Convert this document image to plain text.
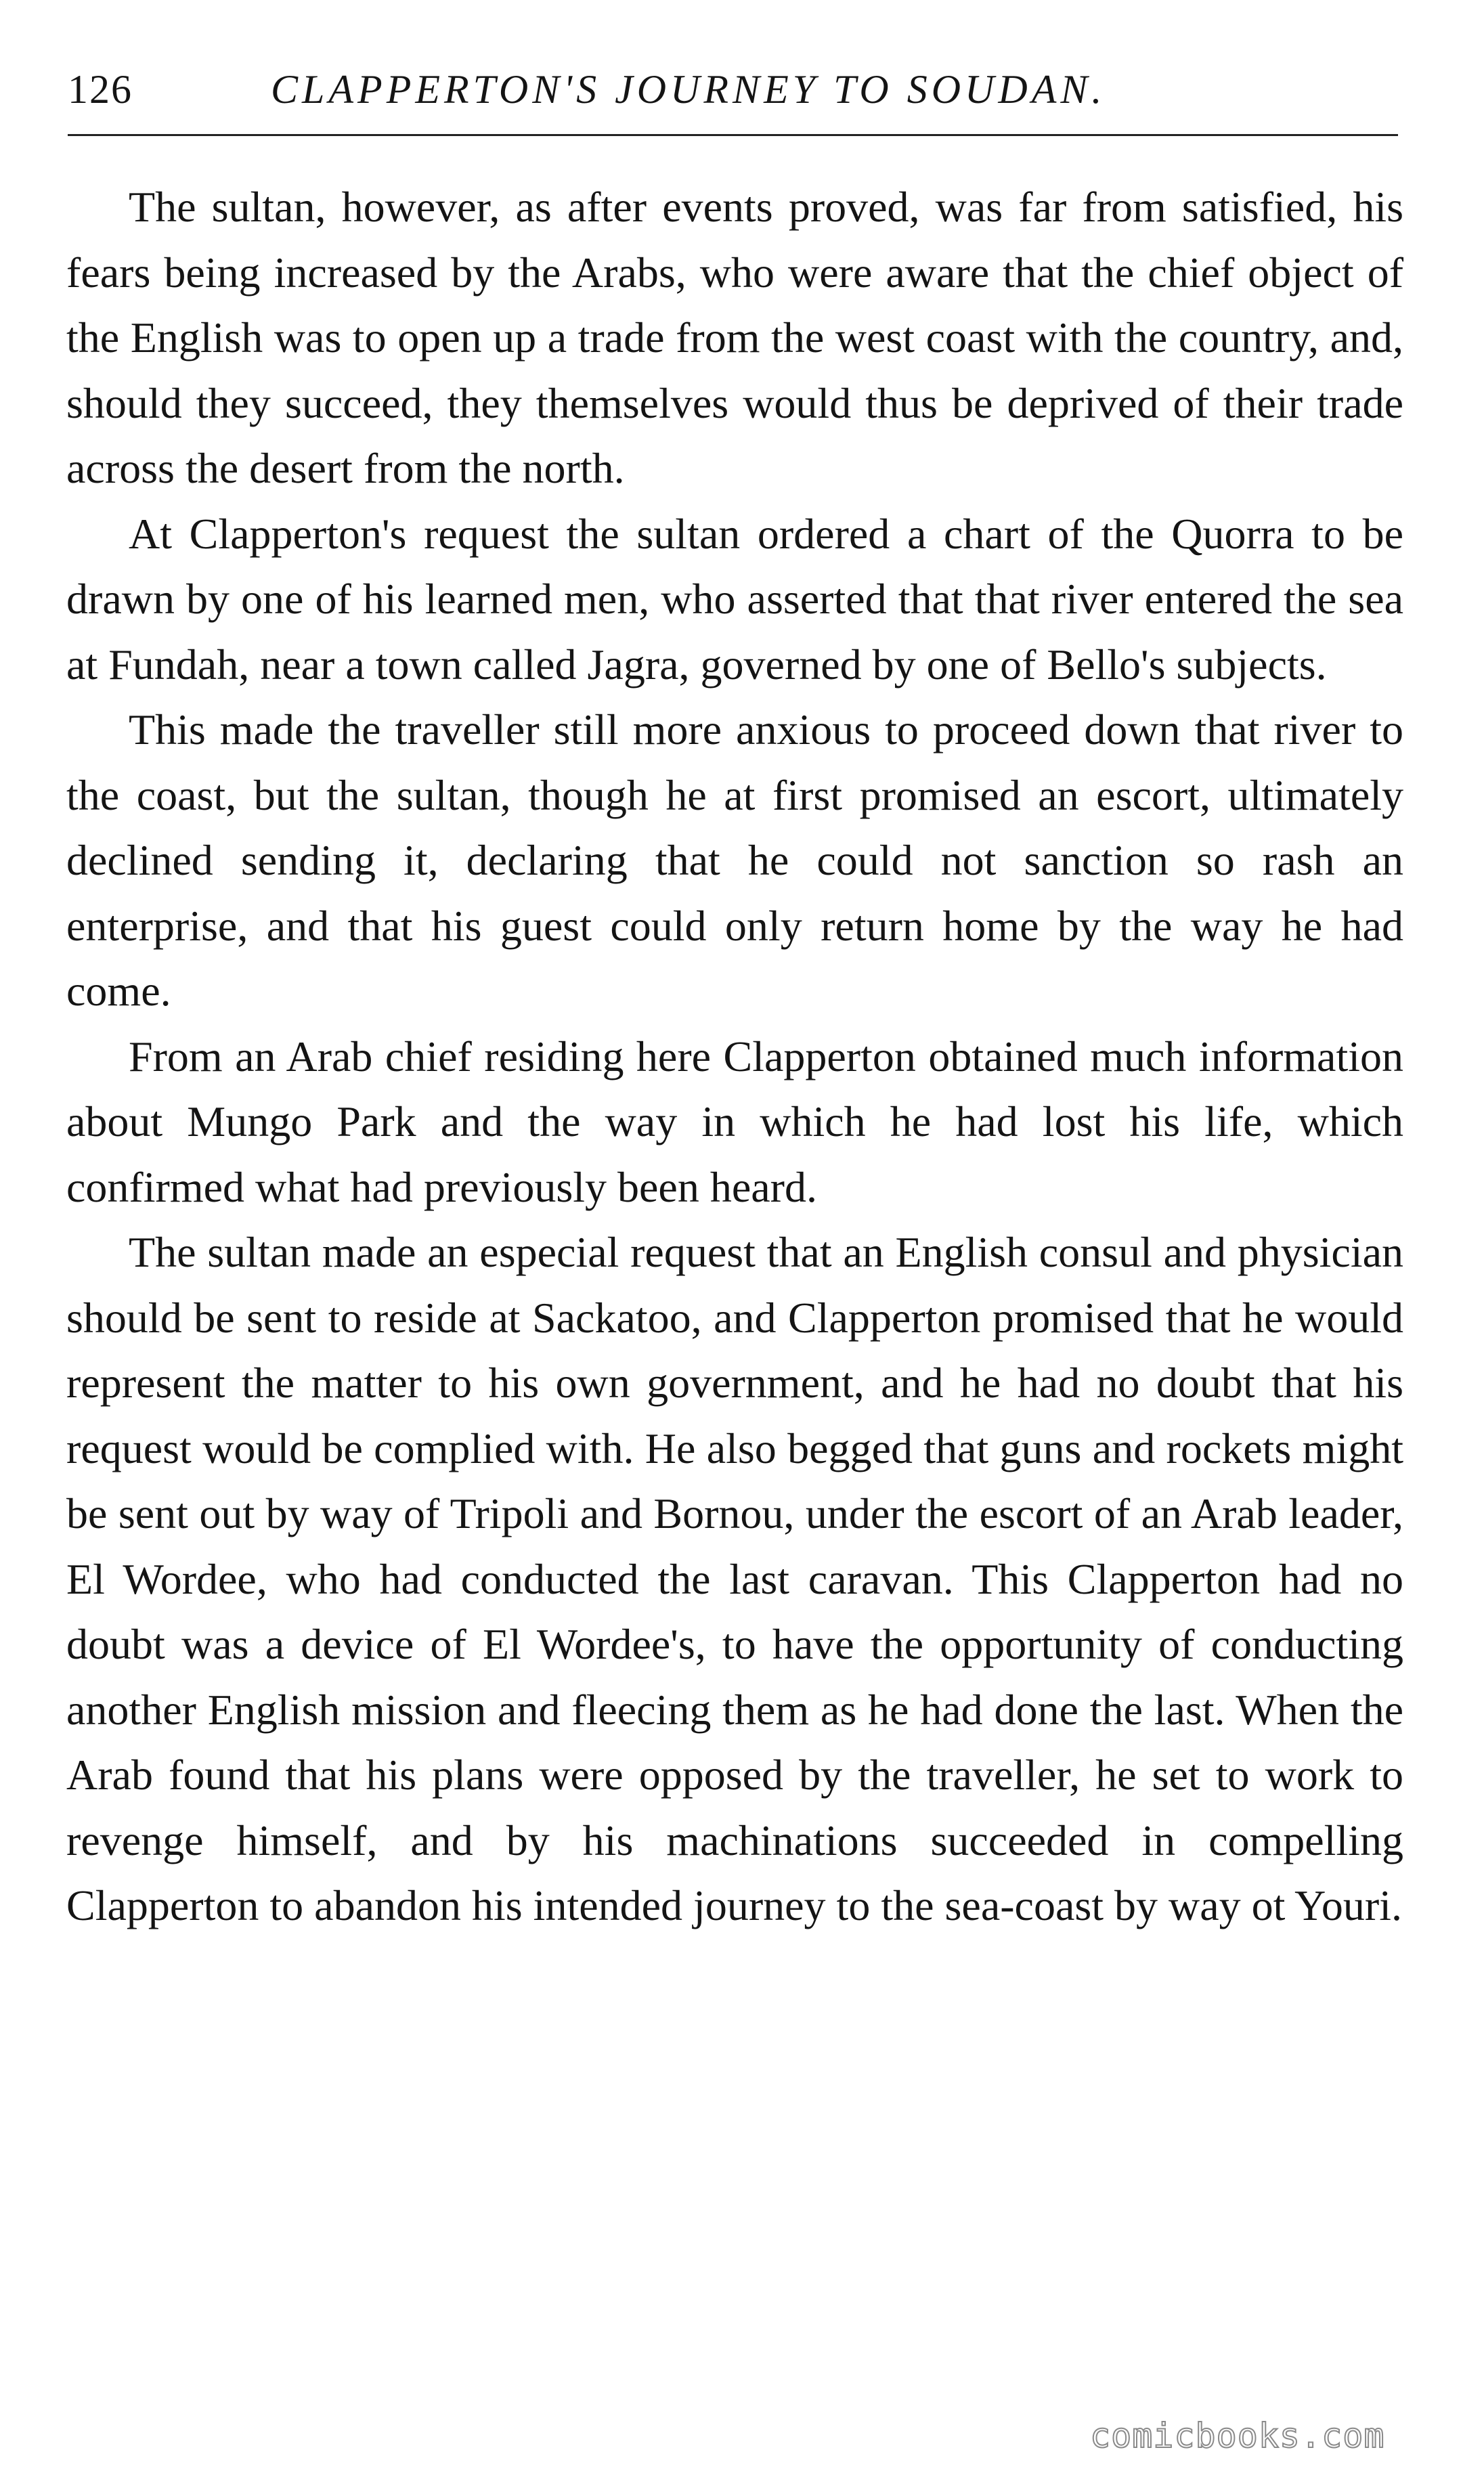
126	CLAPPERTON'S JOURNEY TO SOUDAN.

The sultan, however, as after events proved, was far from satisfied, his fears being increased by the Arabs, who were aware that the chief object of the English was to open up a trade from the west coast with the country, and, should they succeed, they themselves would thus be deprived of their trade across the desert from the north.

At Clapperton's request the sultan ordered a chart of the Quorra to be drawn by one of his learned men, who asserted that that river entered the sea at Fundah, near a town called Jagra, governed by one of Bello's subjects.

This made the traveller still more anxious to proceed down that river to the coast, but the sultan, though he at first promised an escort, ultimately declined sending it, declaring that he could not sanction so rash an enterprise, and that his guest could only return home by the way he had come.

From an Arab chief residing here Clapperton obtained much information about Mungo Park and the way in which he had lost his life, which confirmed what had previously been heard.

The sultan made an especial request that an English consul and physician should be sent to reside at Sackatoo, and Clapperton promised that he would represent the matter to his own government, and he had no doubt that his request would be complied with. He also begged that guns and rockets might be sent out by way of Tripoli and Bornou, under the escort of an Arab leader, El Wordee, who had conducted the last caravan. This Clapperton had no doubt was a device of El Wordee's, to have the opportunity of conducting another English mission and fleecing them as he had done the last. When the Arab found that his plans were opposed by the traveller, he set to work to revenge himself, and by his machinations succeeded in compelling Clapperton to abandon his intended journey to the sea-coast by way ot Youri.

comicbooks.com
